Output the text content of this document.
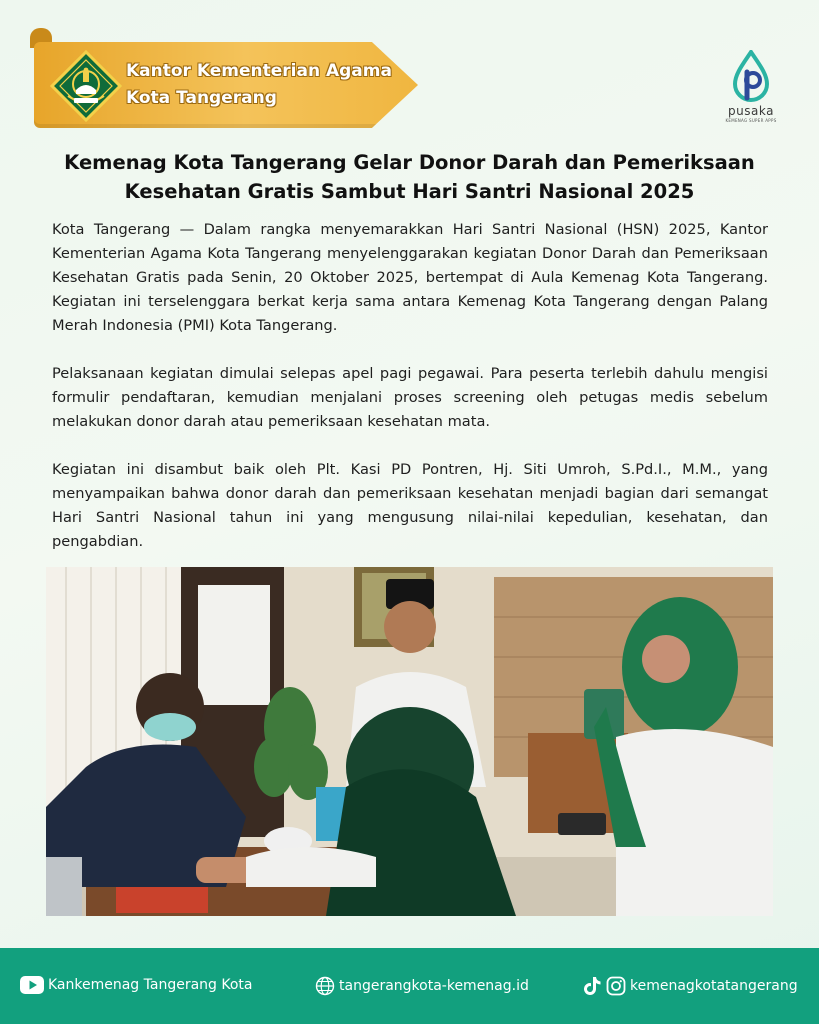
Kantor Kementerian Agama
Kota Tangerang
pusaka
KEMENAG SUPER APPS
Kemenag Kota Tangerang Gelar Donor Darah dan Pemeriksaan
Kesehatan Gratis Sambut Hari Santri Nasional 2025

Kota Tangerang — Dalam rangka menyemarakkan Hari Santri Nasional (HSN) 2025, Kantor Kementerian Agama Kota Tangerang menyelenggarakan kegiatan Donor Darah dan Pemeriksaan Kesehatan Gratis pada Senin, 20 Oktober 2025, bertempat di Aula Kemenag Kota Tangerang. Kegiatan ini terselenggara berkat kerja sama antara Kemenag Kota Tangerang dengan Palang Merah Indonesia (PMI) Kota Tangerang.

Pelaksanaan kegiatan dimulai selepas apel pagi pegawai. Para peserta terlebih dahulu mengisi formulir pendaftaran, kemudian menjalani proses screening oleh petugas medis sebelum melakukan donor darah atau pemeriksaan kesehatan mata.

Kegiatan ini disambut baik oleh Plt. Kasi PD Pontren, Hj. Siti Umroh, S.Pd.I., M.M., yang menyampaikan bahwa donor darah dan pemeriksaan kesehatan menjadi bagian dari semangat Hari Santri Nasional tahun ini yang mengusung nilai-nilai kepedulian, kesehatan, dan pengabdian.

Kankemenag Tangerang Kota	tangerangkota-kemenag.id	kemenagkotatangerang
